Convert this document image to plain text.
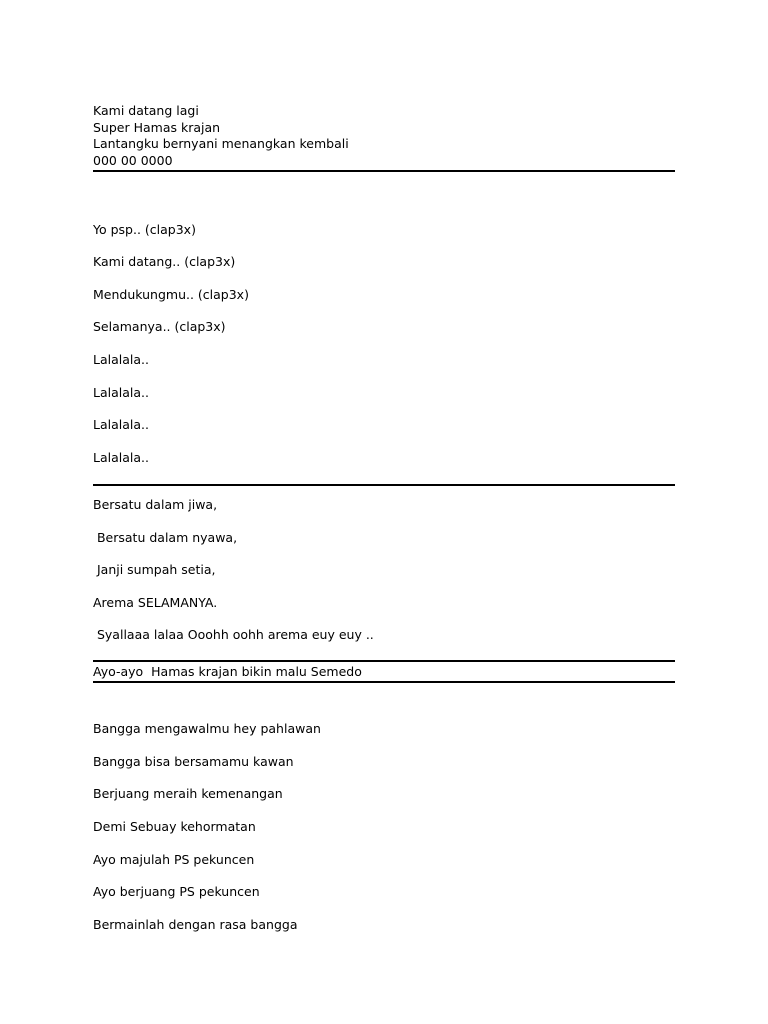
Kami datang lagi
Super Hamas krajan
Lantangku bernyani menangkan kembali
000 00 0000
Yo psp.. (clap3x)
Kami datang.. (clap3x)
Mendukungmu.. (clap3x)
Selamanya.. (clap3x)
Lalalala..
Lalalala..
Lalalala..
Lalalala..
Bersatu dalam jiwa,
Bersatu dalam nyawa,
Janji sumpah setia,
Arema SELAMANYA.
Syallaaa lalaa Ooohh oohh arema euy euy ..
Ayo-ayo  Hamas krajan bikin malu Semedo
Bangga mengawalmu hey pahlawan
Bangga bisa bersamamu kawan
Berjuang meraih kemenangan
Demi Sebuay kehormatan
Ayo majulah PS pekuncen
Ayo berjuang PS pekuncen
Bermainlah dengan rasa bangga
